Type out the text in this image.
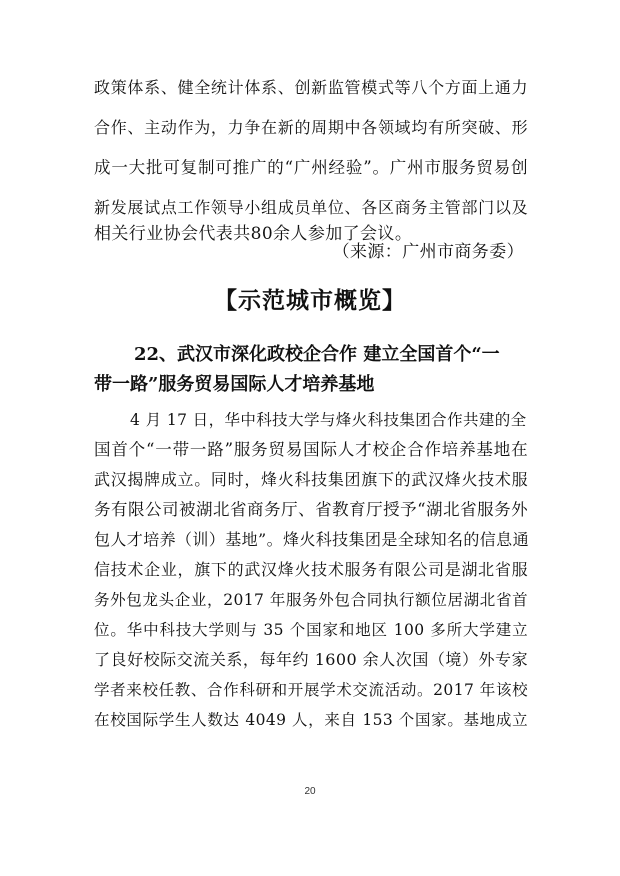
政策体系、健全统计体系、创新监管模式等八个方面上通力
合作、主动作为，力争在新的周期中各领域均有所突破、形
成一大批可复制可推广的“广州经验”。广州市服务贸易创
新发展试点工作领导小组成员单位、各区商务主管部门以及
相关行业协会代表共80余人参加了会议。
（来源：广州市商务委）
【示范城市概览】
22、武汉市深化政校企合作 建立全国首个“一
带一路”服务贸易国际人才培养基地
4 月 17 日，华中科技大学与烽火科技集团合作共建的全
国首个“一带一路”服务贸易国际人才校企合作培养基地在
武汉揭牌成立。同时，烽火科技集团旗下的武汉烽火技术服
务有限公司被湖北省商务厅、省教育厅授予“湖北省服务外
包人才培养（训）基地”。烽火科技集团是全球知名的信息通
信技术企业，旗下的武汉烽火技术服务有限公司是湖北省服
务外包龙头企业，2017 年服务外包合同执行额位居湖北省首
位。华中科技大学则与 35 个国家和地区 100 多所大学建立
了良好校际交流关系，每年约 1600 余人次国（境）外专家
学者来校任教、合作科研和开展学术交流活动。2017 年该校
在校国际学生人数达 4049 人，来自 153 个国家。基地成立
20
